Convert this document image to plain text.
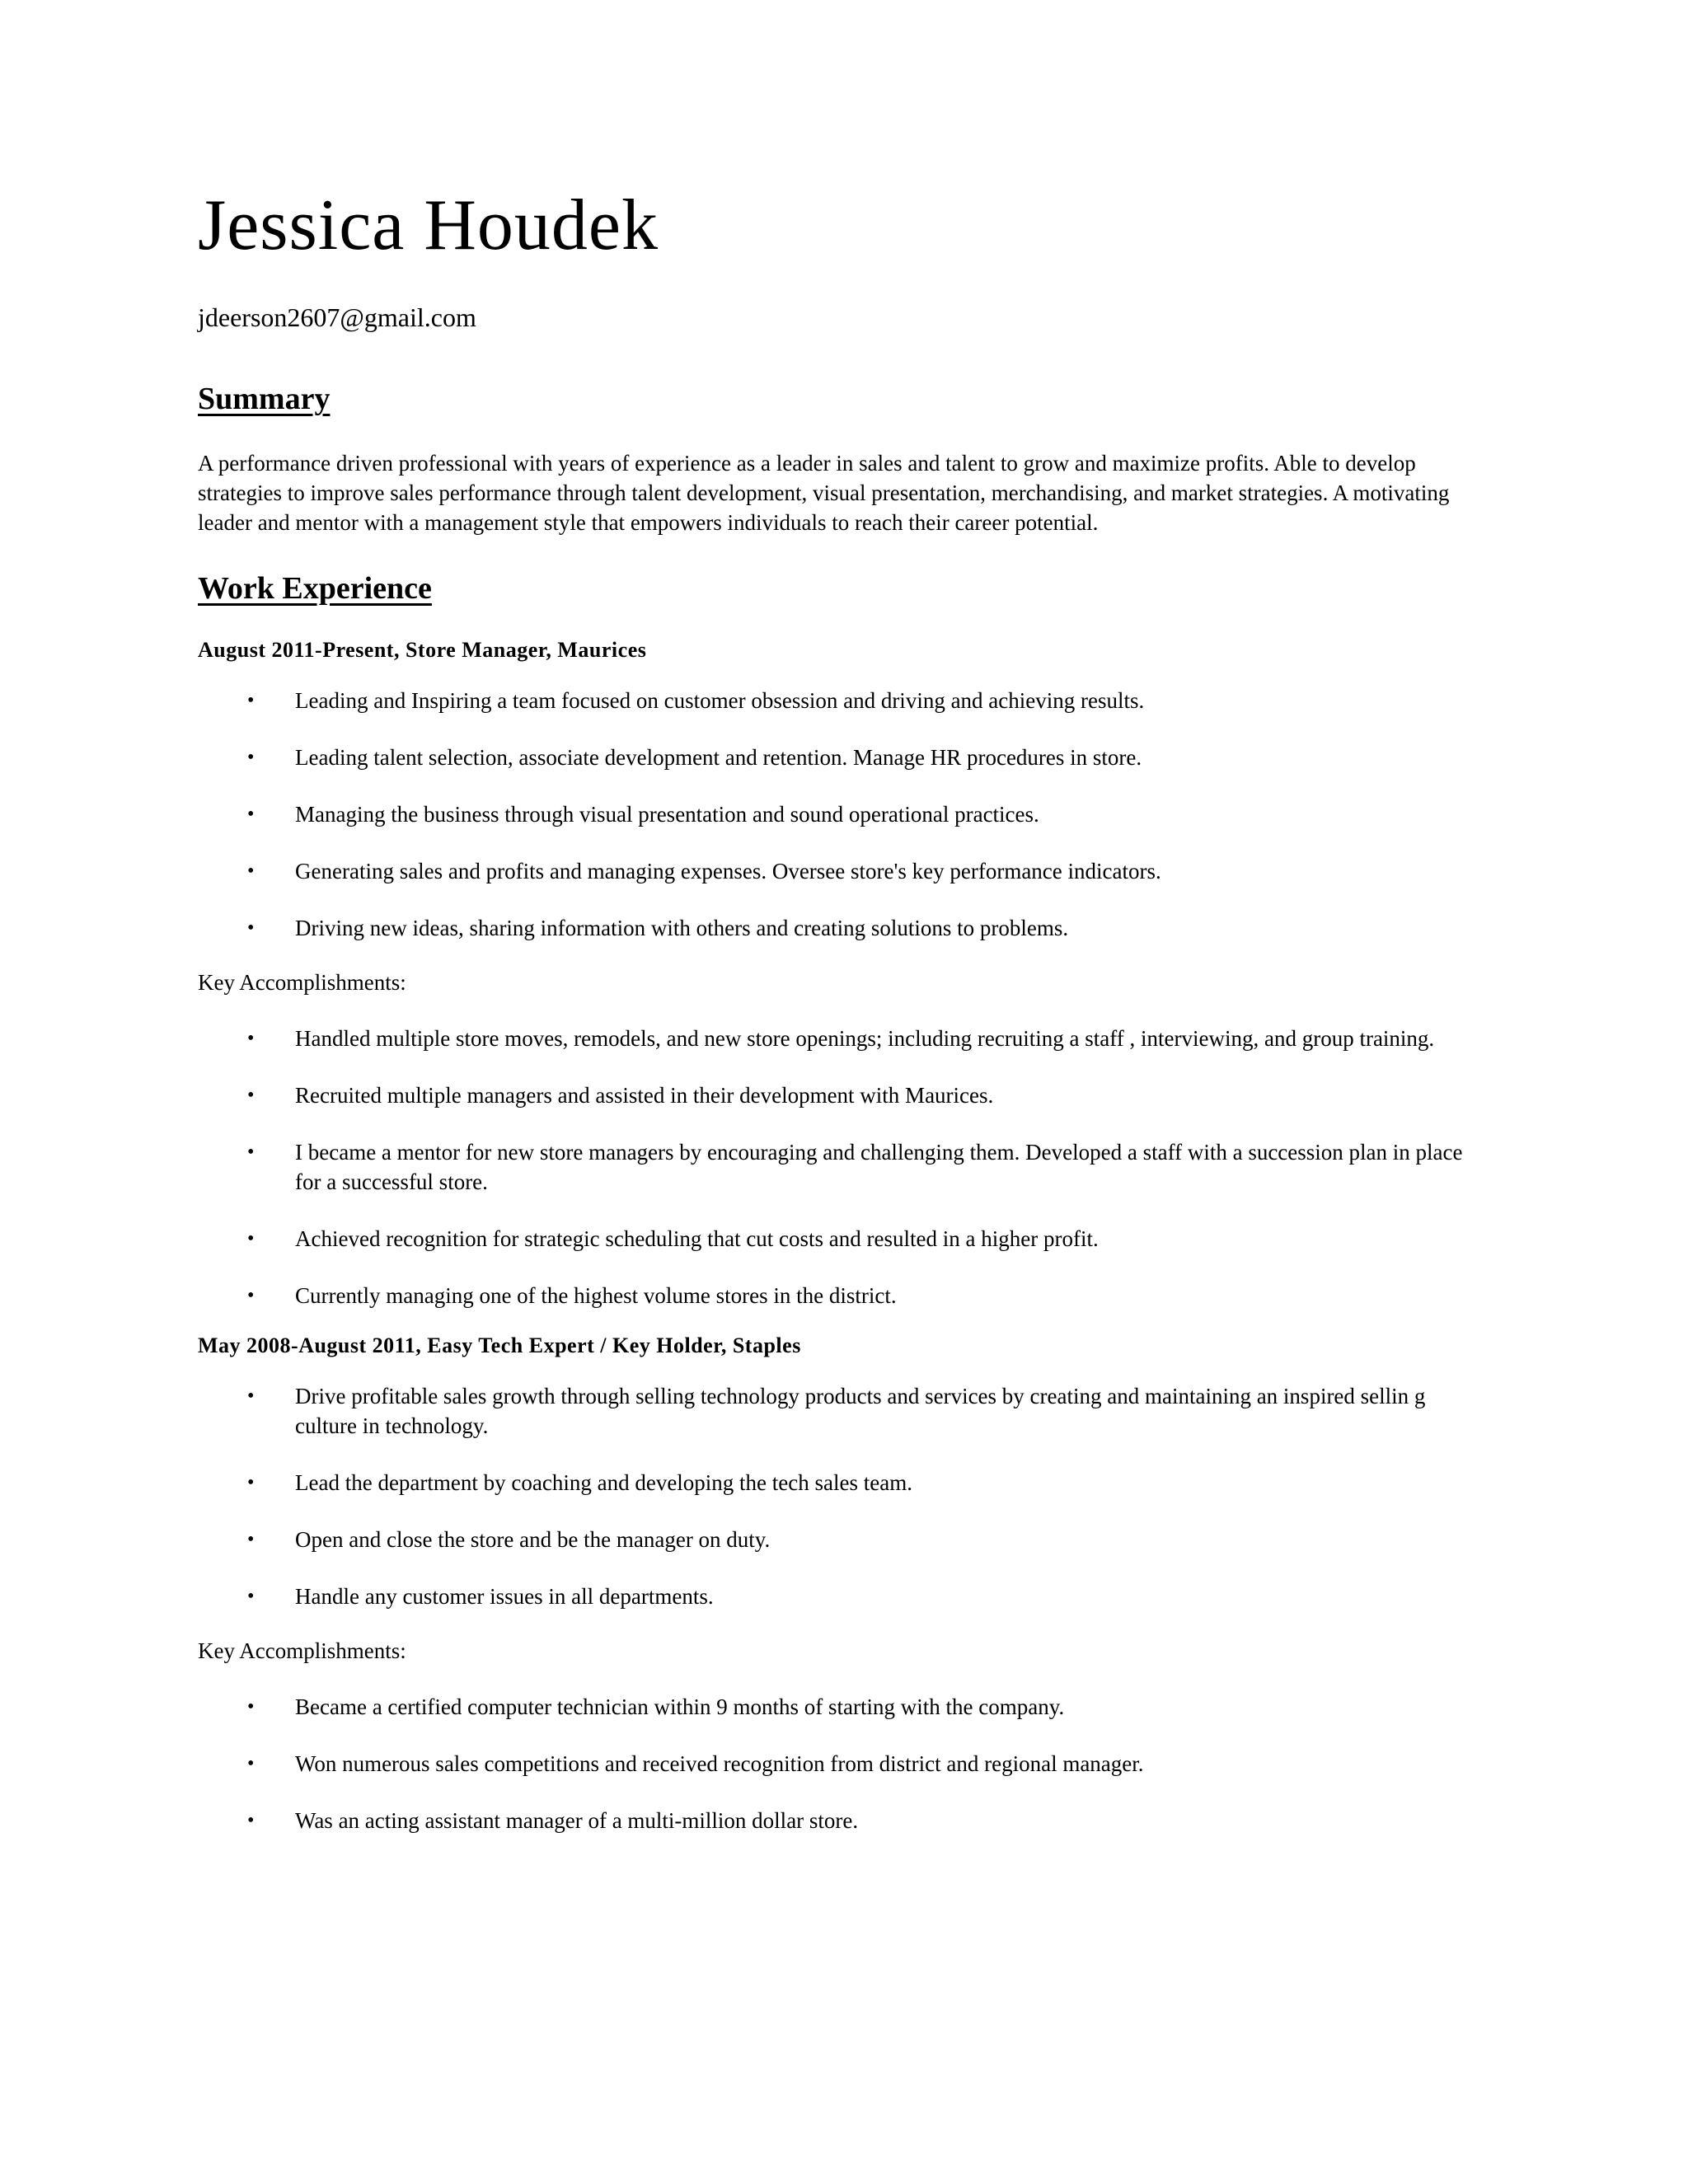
Jessica Houdek
jdeerson2607@gmail.com
Summary
A performance driven professional with years of experience as a leader in sales and talent to grow and maximize profits. Able to develop strategies to improve sales performance through talent development, visual presentation, merchandising, and market strategies. A motivating leader and mentor with a management style that empowers individuals to reach their career potential.
Work Experience
August 2011-Present, Store Manager, Maurices
• Leading and Inspiring a team focused on customer obsession and driving and achieving results.
• Leading talent selection, associate development and retention. Manage HR procedures in store.
• Managing the business through visual presentation and sound operational practices.
• Generating sales and profits and managing expenses. Oversee store's key performance indicators.
• Driving new ideas, sharing information with others and creating solutions to problems.
Key Accomplishments:
• Handled multiple store moves, remodels, and new store openings; including recruiting a staff , interviewing, and group training.
• Recruited multiple managers and assisted in their development with Maurices.
• I became a mentor for new store managers by encouraging and challenging them. Developed a staff with a succession plan in place for a successful store.
• Achieved recognition for strategic scheduling that cut costs and resulted in a higher profit.
• Currently managing one of the highest volume stores in the district.
May 2008-August 2011, Easy Tech Expert / Key Holder, Staples
• Drive profitable sales growth through selling technology products and services by creating and maintaining an inspired sellin g culture in technology.
• Lead the department by coaching and developing the tech sales team.
• Open and close the store and be the manager on duty.
• Handle any customer issues in all departments.
Key Accomplishments:
• Became a certified computer technician within 9 months of starting with the company.
• Won numerous sales competitions and received recognition from district and regional manager.
• Was an acting assistant manager of a multi-million dollar store.
